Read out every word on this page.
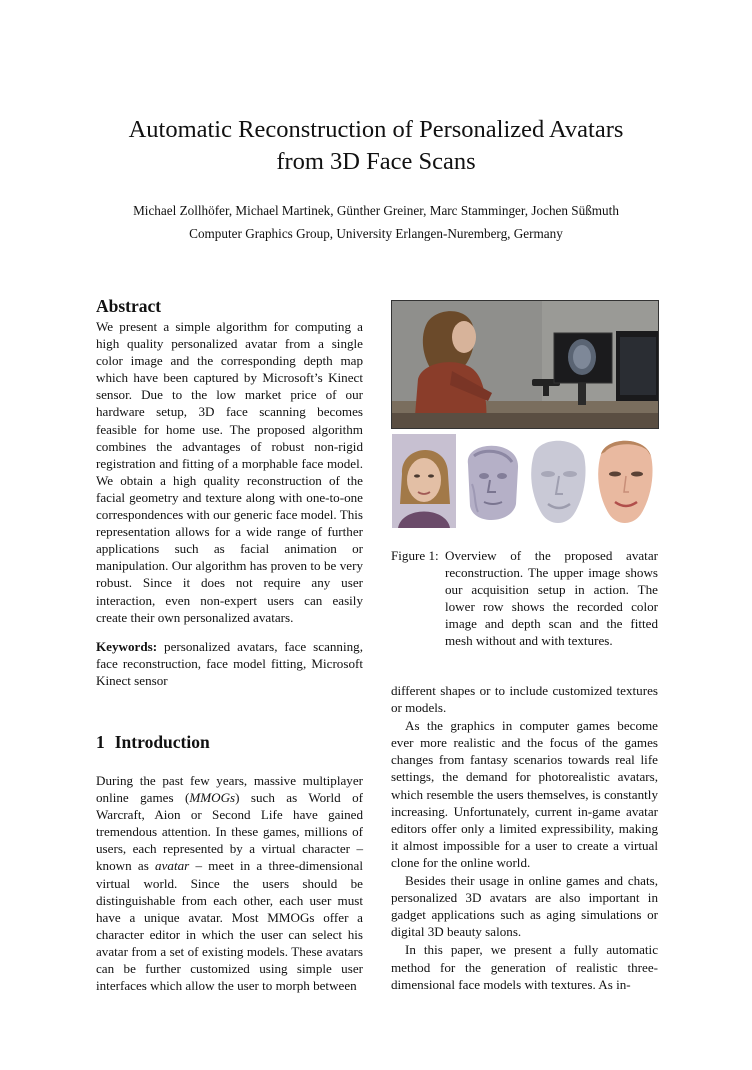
Automatic Reconstruction of Personalized Avatars
from 3D Face Scans
Michael Zollhöfer, Michael Martinek, Günther Greiner, Marc Stamminger, Jochen Süßmuth
Computer Graphics Group, University Erlangen-Nuremberg, Germany
Abstract

We present a simple algorithm for computing a high quality personalized avatar from a single color image and the corresponding depth map which have been captured by Microsoft’s Kinect sensor. Due to the low market price of our hardware setup, 3D face scanning becomes feasible for home use. The proposed algorithm combines the advantages of robust non-rigid registration and fitting of a morphable face model. We obtain a high quality reconstruction of the facial geometry and texture along with one-to-one correspondences with our generic face model. This representation allows for a wide range of further applications such as facial animation or manipulation. Our algorithm has proven to be very robust. Since it does not require any user interaction, even non-expert users can easily create their own personalized avatars.

Keywords: personalized avatars, face scanning, face reconstruction, face model fitting, Microsoft Kinect sensor

1 Introduction

During the past few years, massive multiplayer online games (MMOGs) such as World of Warcraft, Aion or Second Life have gained tremendous attention. In these games, millions of users, each represented by a virtual character – known as avatar – meet in a three-dimensional virtual world. Since the users should be distinguishable from each other, each user must have a unique avatar. Most MMOGs offer a character editor in which the user can select his avatar from a set of existing models. These avatars can be further customized using simple user interfaces which allow the user to morph between

Figure 1: Overview of the proposed avatar reconstruction. The upper image shows our acquisition setup in action. The lower row shows the recorded color image and depth scan and the fitted mesh without and with textures.

different shapes or to include customized textures or models.

As the graphics in computer games become ever more realistic and the focus of the games changes from fantasy scenarios towards real life settings, the demand for photorealistic avatars, which resemble the users themselves, is constantly increasing. Unfortunately, current in-game avatar editors offer only a limited expressibility, making it almost impossible for a user to create a virtual clone for the online world.

Besides their usage in online games and chats, personalized 3D avatars are also important in gadget applications such as aging simulations or digital 3D beauty salons.

In this paper, we present a fully automatic method for the generation of realistic three-dimensional face models with textures. As in-
